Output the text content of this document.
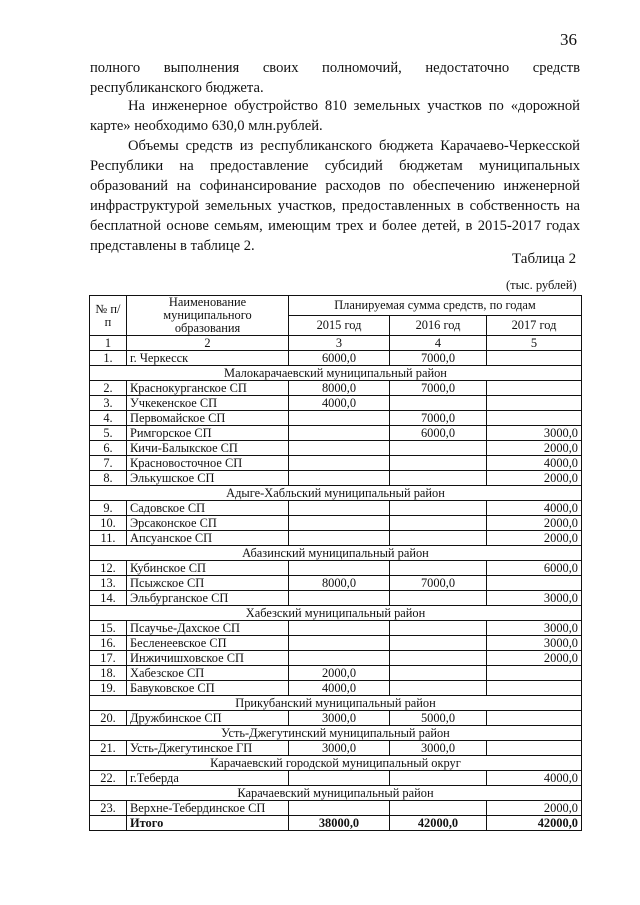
36

полного выполнения своих полномочий, недостаточно средств республиканского бюджета.

На инженерное обустройство 810 земельных участков по «дорожной карте» необходимо 630,0 млн.рублей.

Объемы средств из республиканского бюджета Карачаево-Черкесской Республики на предоставление субсидий бюджетам муниципальных образований на софинансирование расходов по обеспечению инженерной инфраструктурой земельных участков, предоставленных в собственность на бесплатной основе семьям, имеющим трех и более детей, в 2015-2017 годах представлены в таблице 2.

Таблица 2
(тыс. рублей)
№ п/п	Наименование муниципального образования	Планируемая сумма средств, по годам		
		2015 год	2016 год	2017 год
1	2	3	4	5
1.	г. Черкесск	6000,0	7000,0	
Малокарачаевский муниципальный район				
2.	Краснокурганское СП	8000,0	7000,0	
3.	Учкекенское СП	4000,0		
4.	Первомайское СП		7000,0	
5.	Римгорское СП		6000,0	3000,0
6.	Кичи-Балыкское СП			2000,0
7.	Красновосточное СП			4000,0
8.	Элькушское СП			2000,0
Адыге-Хабльский муниципальный район				
9.	Садовское СП			4000,0
10.	Эрсаконское СП			2000,0
11.	Апсуанское СП			2000,0
Абазинский муниципальный район				
12.	Кубинское СП			6000,0
13.	Псыжское СП	8000,0	7000,0	
14.	Эльбурганское СП			3000,0
Хабезский муниципальный район				
15.	Псаучье-Дахское СП			3000,0
16.	Бесленеевское СП			3000,0
17.	Инжичишховское СП			2000,0
18.	Хабезское СП	2000,0		
19.	Бавуковское СП	4000,0		
Прикубанский муниципальный район				
20.	Дружбинское СП	3000,0	5000,0	
Усть-Джегутинский муниципальный район				
21.	Усть-Джегутинское ГП	3000,0	3000,0	
Карачаевский городской муниципальный округ				
22.	г.Теберда			4000,0
Карачаевский муниципальный район				
23.	Верхне-Тебердинское СП			2000,0
	Итого	38000,0	42000,0	42000,0
